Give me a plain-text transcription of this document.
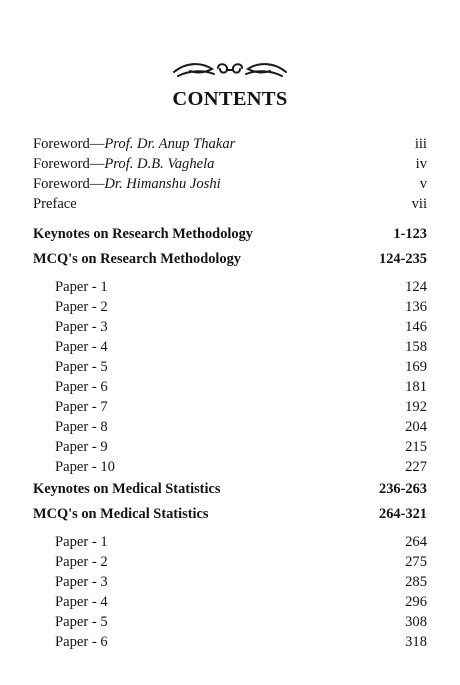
CONTENTS
Foreword—Prof. Dr. Anup Thakar	iii
Foreword—Prof. D.B. Vaghela	iv
Foreword—Dr. Himanshu Joshi	v
Preface	vii
Keynotes on Research Methodology	1-123
MCQ's on Research Methodology	124-235
Paper - 1	124
Paper - 2	136
Paper - 3	146
Paper - 4	158
Paper - 5	169
Paper - 6	181
Paper - 7	192
Paper - 8	204
Paper - 9	215
Paper - 10	227
Keynotes on Medical Statistics	236-263
MCQ's on Medical Statistics	264-321
Paper - 1	264
Paper - 2	275
Paper - 3	285
Paper - 4	296
Paper - 5	308
Paper - 6	318
